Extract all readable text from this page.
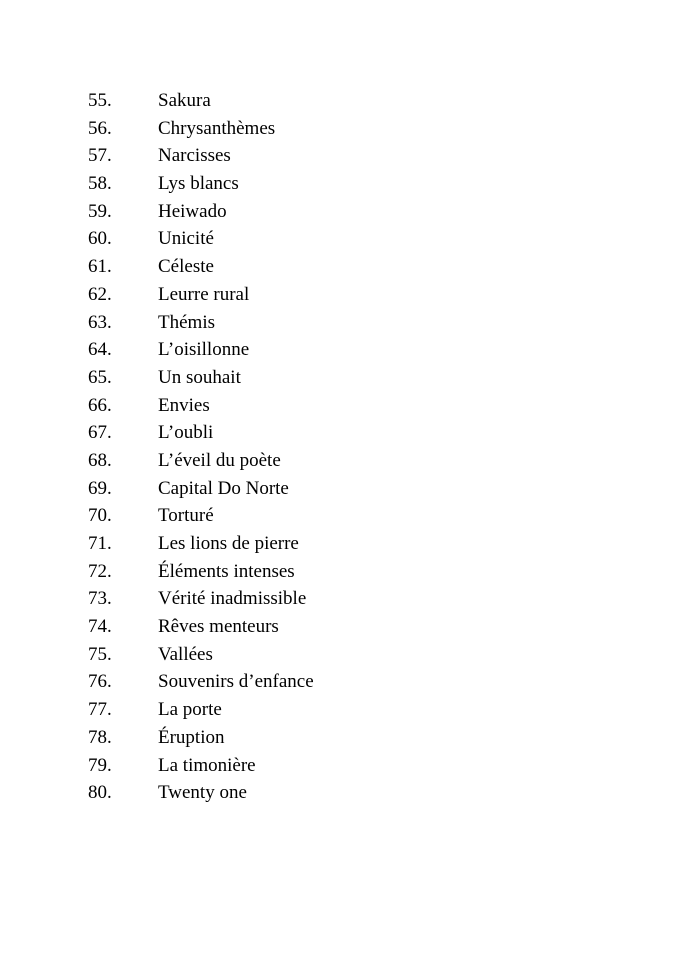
55. Sakura
56. Chrysanthèmes
57. Narcisses
58. Lys blancs
59. Heiwado
60. Unicité
61. Céleste
62. Leurre rural
63. Thémis
64. L’oisillonne
65. Un souhait
66. Envies
67. L’oubli
68. L’éveil du poète
69. Capital Do Norte
70. Torturé
71. Les lions de pierre
72. Éléments intenses
73. Vérité inadmissible
74. Rêves menteurs
75. Vallées
76. Souvenirs d’enfance
77. La porte
78. Éruption
79. La timonière
80. Twenty one
